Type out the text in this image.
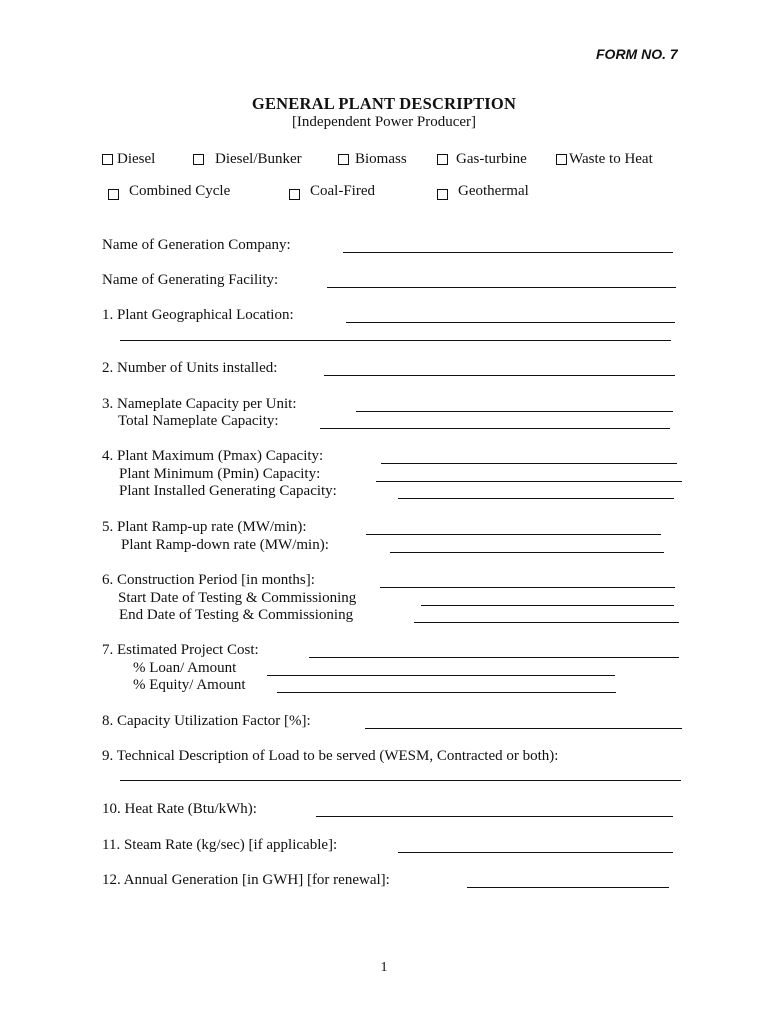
FORM NO. 7
GENERAL PLANT DESCRIPTION
[Independent Power Producer]
Diesel	Diesel/Bunker	Biomass	Gas-turbine	Waste to Heat
Combined Cycle	Coal-Fired	Geothermal
Name of Generation Company:
Name of Generating Facility:
1. Plant Geographical Location:
2. Number of Units installed:
3. Nameplate Capacity per Unit:
Total Nameplate Capacity:
4. Plant Maximum (Pmax) Capacity:
Plant Minimum (Pmin) Capacity:
Plant Installed Generating Capacity:
5. Plant Ramp-up rate (MW/min):
Plant Ramp-down rate (MW/min):
6. Construction Period [in months]:
Start Date of Testing & Commissioning
End Date of Testing & Commissioning
7. Estimated Project Cost:
% Loan/ Amount
% Equity/ Amount
8. Capacity Utilization Factor [%]:
9. Technical Description of Load to be served (WESM, Contracted or both):
10. Heat Rate (Btu/kWh):
11. Steam Rate (kg/sec) [if applicable]:
12. Annual Generation [in GWH] [for renewal]:
1
